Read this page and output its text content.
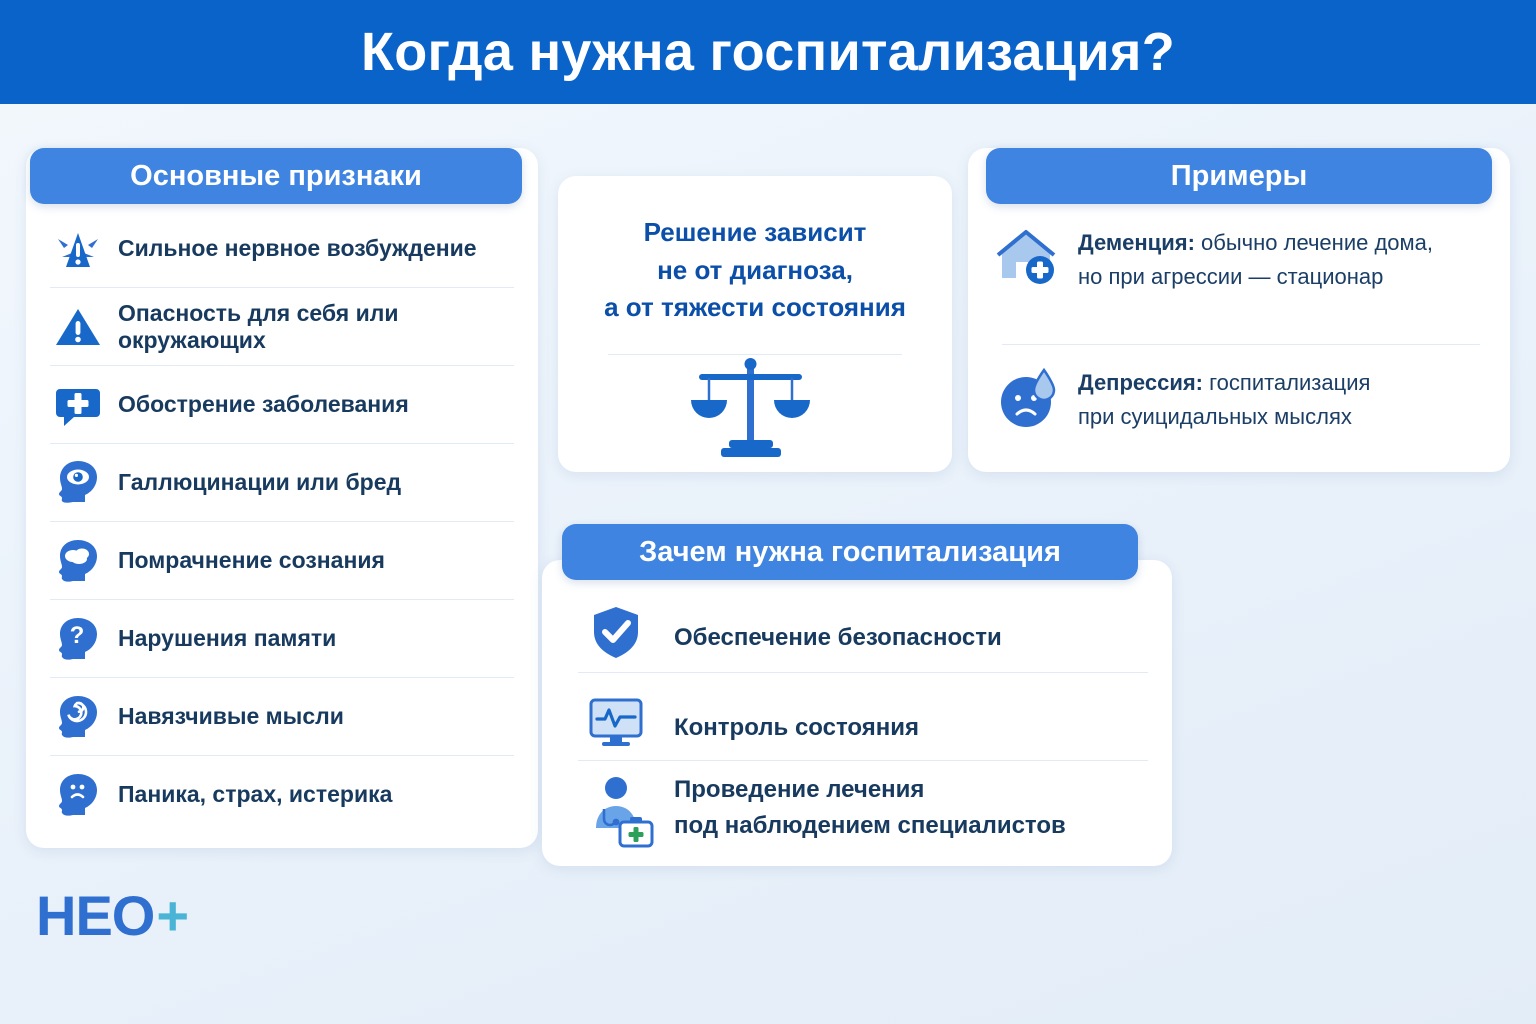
Когда нужна госпитализация?
Основные признаки
Сильное нервное возбуждение
Опасность для себя или окружающих
Обострение заболевания
Галлюцинации или бред
Помрачнение сознания
? Нарушения памяти
Навязчивые мысли
Паника, страх, истерика
Решение зависит
не от диагноза,
а от тяжести состояния
Примеры
Деменция: обычно лечение дома,
но при агрессии — стационар
Депрессия: госпитализация
при суицидальных мыслях
Зачем нужна госпитализация
Обеспечение безопасности
Контроль состояния
Проведение лечения
под наблюдением специалистов
НЕО +
